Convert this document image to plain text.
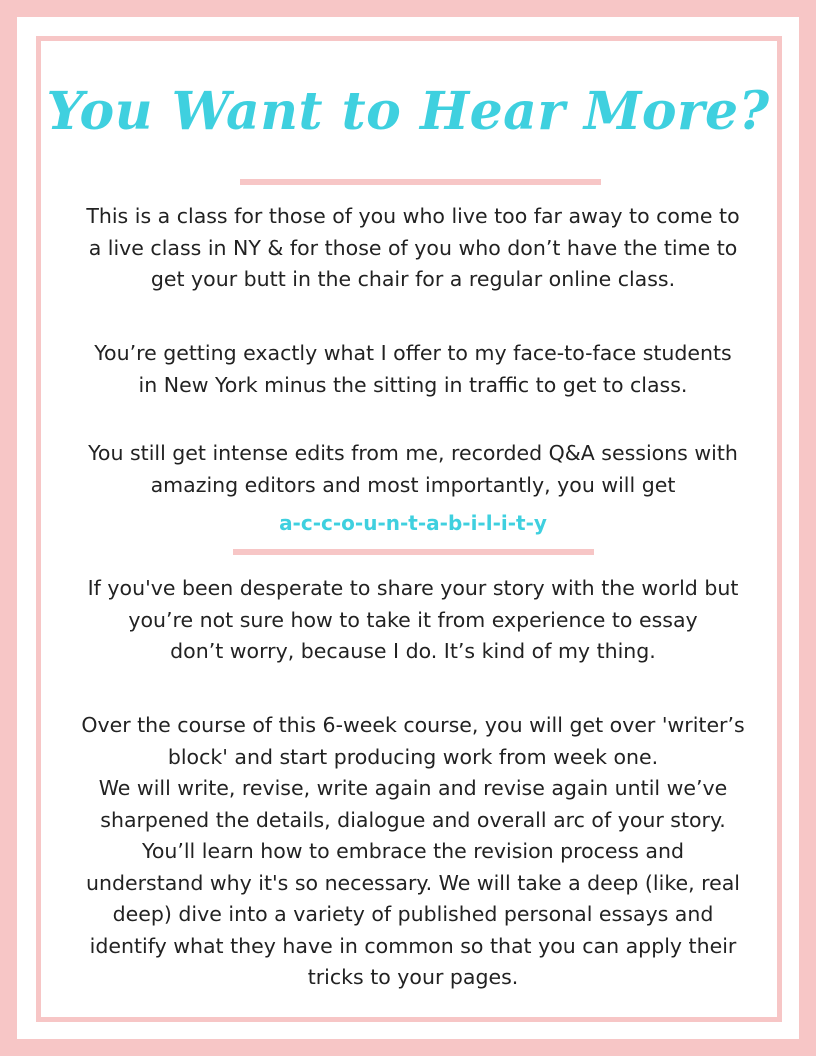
You Want to Hear More?

This is a class for those of you who live too far away to come to
a live class in NY & for those of you who don’t have the time to
get your butt in the chair for a regular online class.

You’re getting exactly what I offer to my face-to-face students
in New York minus the sitting in traffic to get to class.

You still get intense edits from me, recorded Q&A sessions with
amazing editors and most importantly, you will get

a-c-c-o-u-n-t-a-b-i-l-i-t-y

If you've been desperate to share your story with the world but
you’re not sure how to take it from experience to essay
don’t worry, because I do. It’s kind of my thing.

Over the course of this 6-week course, you will get over 'writer’s
block' and start producing work from week one.
We will write, revise, write again and revise again until we’ve
sharpened the details, dialogue and overall arc of your story.
You’ll learn how to embrace the revision process and
understand why it's so necessary. We will take a deep (like, real
deep) dive into a variety of published personal essays and
identify what they have in common so that you can apply their
tricks to your pages.
